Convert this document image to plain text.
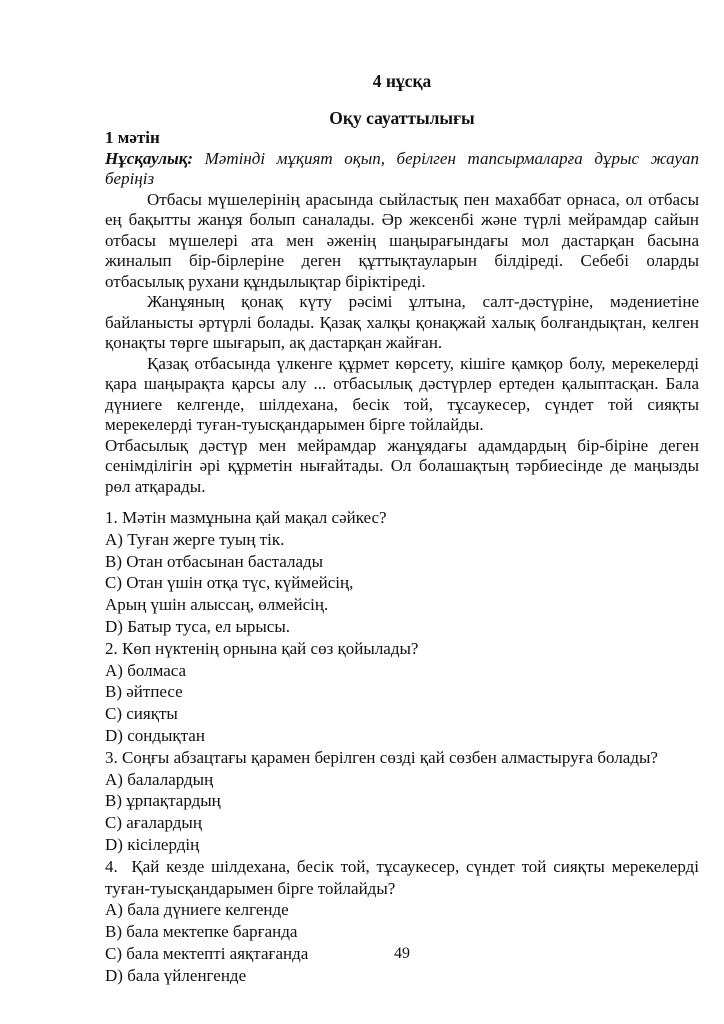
4 нұсқа
Оқу сауаттылығы
1 мәтін
Нұсқаулық: Мәтінді мұқият оқып, берілген тапсырмаларға дұрыс жауап беріңіз

Отбасы мүшелерінің арасында сыйластық пен махаббат орнаса, ол отбасы ең бақытты жанұя болып саналады. Әр жексенбі және түрлі мейрамдар сайын отбасы мүшелері ата мен әженің шаңырағындағы мол дастарқан басына жиналып бір-бірлеріне деген құттықтауларын білдіреді. Себебі оларды отбасылық рухани құндылықтар біріктіреді.

Жанұяның қонақ күту рәсімі ұлтына, салт-дәстүріне, мәдениетіне байланысты әртүрлі болады. Қазақ халқы қонақжай халық болғандықтан, келген қонақты төрге шығарып, ақ дастарқан жайған.

Қазақ отбасында үлкенге құрмет көрсету, кішіге қамқор болу, мерекелерді қара шаңырақта қарсы алу ... отбасылық дәстүрлер ертеден қалыптасқан. Бала дүниеге келгенде, шілдехана, бесік той, тұсаукесер, сүндет той сияқты мерекелерді туған-туысқандарымен бірге тойлайды.

Отбасылық дәстүр мен мейрамдар жанұядағы адамдардың бір-біріне деген сенімділігін әрі құрметін нығайтады. Ол болашақтың тәрбиесінде де маңызды рөл атқарады.

1. Мәтін мазмұнына қай мақал сәйкес?

A) Туған жерге туың тік.

B) Отан отбасынан басталады

C) Отан үшін отқа түс, күймейсің,

Арың үшін алыссаң, өлмейсің.

D) Батыр туса, ел ырысы.

2. Көп нүктенің орнына қай сөз қойылады?

A) болмаса

B) әйтпесе

C) сияқты

D) сондықтан

3. Соңғы абзацтағы қарамен берілген сөзді қай сөзбен алмастыруға болады?

A) балалардың

B) ұрпақтардың

C) ағалардың

D) кісілердің

4.  Қай кезде шілдехана, бесік той, тұсаукесер, сүндет той сияқты мерекелерді туған-туысқандарымен бірге тойлайды?

A) бала дүниеге келгенде

B) бала мектепке барғанда

C) бала мектепті аяқтағанда

D) бала үйленгенде

49
